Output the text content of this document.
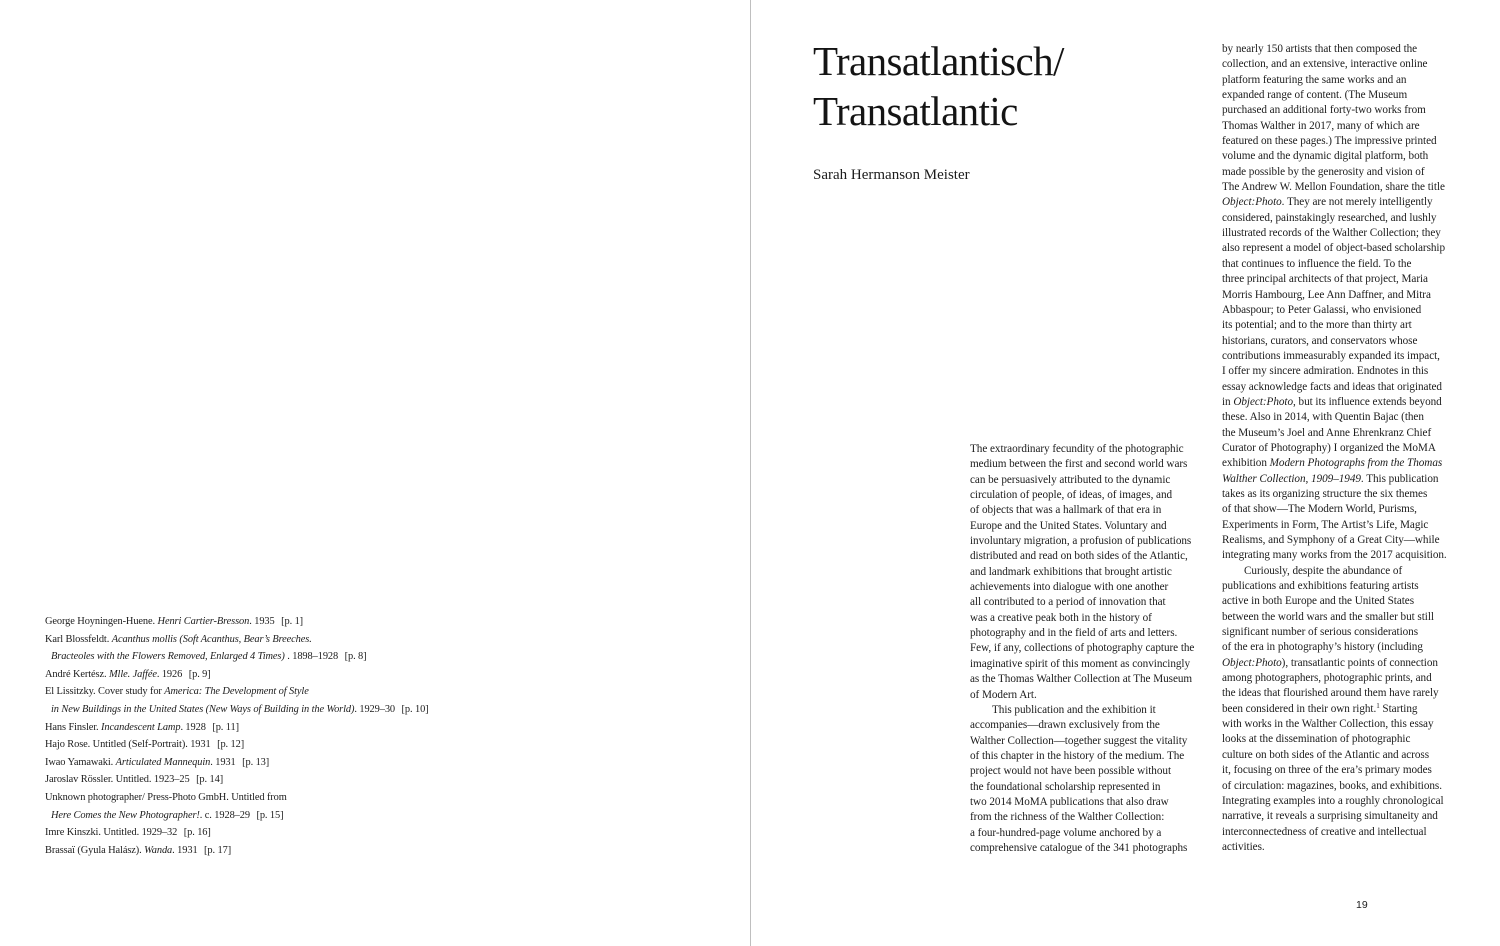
George Hoyningen-Huene. Henri Cartier-Bresson. 1935 [p. 1]
Karl Blossfeldt. Acanthus mollis (Soft Acanthus, Bear’s Breeches.
Bracteoles with the Flowers Removed, Enlarged 4 Times) . 1898–1928 [p. 8]
André Kertész. Mlle. Jaffée. 1926 [p. 9]
El Lissitzky. Cover study for America: The Development of Style
in New Buildings in the United States (New Ways of Building in the World). 1929–30 [p. 10]
Hans Finsler. Incandescent Lamp. 1928 [p. 11]
Hajo Rose. Untitled (Self-Portrait). 1931 [p. 12]
Iwao Yamawaki. Articulated Mannequin. 1931 [p. 13]
Jaroslav Rössler. Untitled. 1923–25 [p. 14]
Unknown photographer/ Press-Photo GmbH. Untitled from
Here Comes the New Photographer!. c. 1928–29 [p. 15]
Imre Kinszki. Untitled. 1929–32 [p. 16]
Brassaï (Gyula Halász). Wanda. 1931 [p. 17]
Transatlantisch/
Transatlantic
Sarah Hermanson Meister
The extraordinary fecundity of the photographic
medium between the first and second world wars
can be persuasively attributed to the dynamic
circulation of people, of ideas, of images, and
of objects that was a hallmark of that era in
Europe and the United States. Voluntary and
involuntary migration, a profusion of publications
distributed and read on both sides of the Atlantic,
and landmark exhibitions that brought artistic
achievements into dialogue with one another
all contributed to a period of innovation that
was a creative peak both in the history of
photography and in the field of arts and letters.
Few, if any, collections of photography capture the
imaginative spirit of this moment as convincingly
as the Thomas Walther Collection at The Museum
of Modern Art.
This publication and the exhibition it
accompanies—drawn exclusively from the
Walther Collection—together suggest the vitality
of this chapter in the history of the medium. The
project would not have been possible without
the foundational scholarship represented in
two 2014 MoMA publications that also draw
from the richness of the Walther Collection:
a four-hundred-page volume anchored by a
comprehensive catalogue of the 341 photographs
by nearly 150 artists that then composed the
collection, and an extensive, interactive online
platform featuring the same works and an
expanded range of content. (The Museum
purchased an additional forty-two works from
Thomas Walther in 2017, many of which are
featured on these pages.) The impressive printed
volume and the dynamic digital platform, both
made possible by the generosity and vision of
The Andrew W. Mellon Foundation, share the title
Object:Photo. They are not merely intelligently
considered, painstakingly researched, and lushly
illustrated records of the Walther Collection; they
also represent a model of object-based scholarship
that continues to influence the field. To the
three principal architects of that project, Maria
Morris Hambourg, Lee Ann Daffner, and Mitra
Abbaspour; to Peter Galassi, who envisioned
its potential; and to the more than thirty art
historians, curators, and conservators whose
contributions immeasurably expanded its impact,
I offer my sincere admiration. Endnotes in this
essay acknowledge facts and ideas that originated
in Object:Photo, but its influence extends beyond
these. Also in 2014, with Quentin Bajac (then
the Museum’s Joel and Anne Ehrenkranz Chief
Curator of Photography) I organized the MoMA
exhibition Modern Photographs from the Thomas
Walther Collection, 1909–1949. This publication
takes as its organizing structure the six themes
of that show—The Modern World, Purisms,
Experiments in Form, The Artist’s Life, Magic
Realisms, and Symphony of a Great City—while
integrating many works from the 2017 acquisition.
Curiously, despite the abundance of
publications and exhibitions featuring artists
active in both Europe and the United States
between the world wars and the smaller but still
significant number of serious considerations
of the era in photography’s history (including
Object:Photo), transatlantic points of connection
among photographers, photographic prints, and
the ideas that flourished around them have rarely
been considered in their own right.$^1$ Starting
with works in the Walther Collection, this essay
looks at the dissemination of photographic
culture on both sides of the Atlantic and across
it, focusing on three of the era’s primary modes
of circulation: magazines, books, and exhibitions.
Integrating examples into a roughly chronological
narrative, it reveals a surprising simultaneity and
interconnectedness of creative and intellectual
activities.
19
